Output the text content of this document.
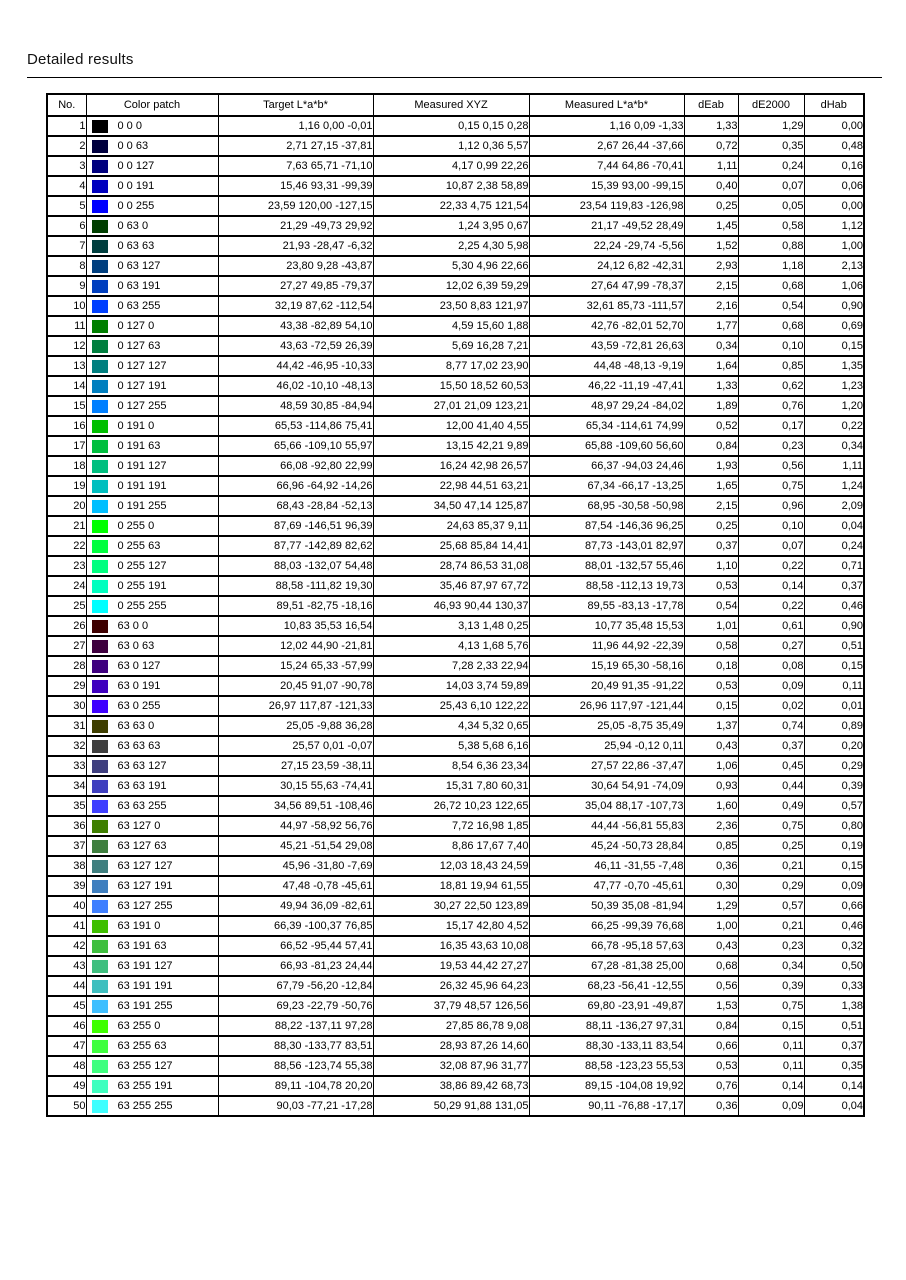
Detailed results
No.	Color patch	Target L*a*b*	Measured XYZ	Measured L*a*b*	dEab	dE2000	dHab
1	0 0 0	1,16 0,00 -0,01	0,15 0,15 0,28	1,16 0,09 -1,33	1,33	1,29	0,00
2	0 0 63	2,71 27,15 -37,81	1,12 0,36 5,57	2,67 26,44 -37,66	0,72	0,35	0,48
3	0 0 127	7,63 65,71 -71,10	4,17 0,99 22,26	7,44 64,86 -70,41	1,11	0,24	0,16
4	0 0 191	15,46 93,31 -99,39	10,87 2,38 58,89	15,39 93,00 -99,15	0,40	0,07	0,06
5	0 0 255	23,59 120,00 -127,15	22,33 4,75 121,54	23,54 119,83 -126,98	0,25	0,05	0,00
6	0 63 0	21,29 -49,73 29,92	1,24 3,95 0,67	21,17 -49,52 28,49	1,45	0,58	1,12
7	0 63 63	21,93 -28,47 -6,32	2,25 4,30 5,98	22,24 -29,74 -5,56	1,52	0,88	1,00
8	0 63 127	23,80 9,28 -43,87	5,30 4,96 22,66	24,12 6,82 -42,31	2,93	1,18	2,13
9	0 63 191	27,27 49,85 -79,37	12,02 6,39 59,29	27,64 47,99 -78,37	2,15	0,68	1,06
10	0 63 255	32,19 87,62 -112,54	23,50 8,83 121,97	32,61 85,73 -111,57	2,16	0,54	0,90
11	0 127 0	43,38 -82,89 54,10	4,59 15,60 1,88	42,76 -82,01 52,70	1,77	0,68	0,69
12	0 127 63	43,63 -72,59 26,39	5,69 16,28 7,21	43,59 -72,81 26,63	0,34	0,10	0,15
13	0 127 127	44,42 -46,95 -10,33	8,77 17,02 23,90	44,48 -48,13 -9,19	1,64	0,85	1,35
14	0 127 191	46,02 -10,10 -48,13	15,50 18,52 60,53	46,22 -11,19 -47,41	1,33	0,62	1,23
15	0 127 255	48,59 30,85 -84,94	27,01 21,09 123,21	48,97 29,24 -84,02	1,89	0,76	1,20
16	0 191 0	65,53 -114,86 75,41	12,00 41,40 4,55	65,34 -114,61 74,99	0,52	0,17	0,22
17	0 191 63	65,66 -109,10 55,97	13,15 42,21 9,89	65,88 -109,60 56,60	0,84	0,23	0,34
18	0 191 127	66,08 -92,80 22,99	16,24 42,98 26,57	66,37 -94,03 24,46	1,93	0,56	1,11
19	0 191 191	66,96 -64,92 -14,26	22,98 44,51 63,21	67,34 -66,17 -13,25	1,65	0,75	1,24
20	0 191 255	68,43 -28,84 -52,13	34,50 47,14 125,87	68,95 -30,58 -50,98	2,15	0,96	2,09
21	0 255 0	87,69 -146,51 96,39	24,63 85,37 9,11	87,54 -146,36 96,25	0,25	0,10	0,04
22	0 255 63	87,77 -142,89 82,62	25,68 85,84 14,41	87,73 -143,01 82,97	0,37	0,07	0,24
23	0 255 127	88,03 -132,07 54,48	28,74 86,53 31,08	88,01 -132,57 55,46	1,10	0,22	0,71
24	0 255 191	88,58 -111,82 19,30	35,46 87,97 67,72	88,58 -112,13 19,73	0,53	0,14	0,37
25	0 255 255	89,51 -82,75 -18,16	46,93 90,44 130,37	89,55 -83,13 -17,78	0,54	0,22	0,46
26	63 0 0	10,83 35,53 16,54	3,13 1,48 0,25	10,77 35,48 15,53	1,01	0,61	0,90
27	63 0 63	12,02 44,90 -21,81	4,13 1,68 5,76	11,96 44,92 -22,39	0,58	0,27	0,51
28	63 0 127	15,24 65,33 -57,99	7,28 2,33 22,94	15,19 65,30 -58,16	0,18	0,08	0,15
29	63 0 191	20,45 91,07 -90,78	14,03 3,74 59,89	20,49 91,35 -91,22	0,53	0,09	0,11
30	63 0 255	26,97 117,87 -121,33	25,43 6,10 122,22	26,96 117,97 -121,44	0,15	0,02	0,01
31	63 63 0	25,05 -9,88 36,28	4,34 5,32 0,65	25,05 -8,75 35,49	1,37	0,74	0,89
32	63 63 63	25,57 0,01 -0,07	5,38 5,68 6,16	25,94 -0,12 0,11	0,43	0,37	0,20
33	63 63 127	27,15 23,59 -38,11	8,54 6,36 23,34	27,57 22,86 -37,47	1,06	0,45	0,29
34	63 63 191	30,15 55,63 -74,41	15,31 7,80 60,31	30,64 54,91 -74,09	0,93	0,44	0,39
35	63 63 255	34,56 89,51 -108,46	26,72 10,23 122,65	35,04 88,17 -107,73	1,60	0,49	0,57
36	63 127 0	44,97 -58,92 56,76	7,72 16,98 1,85	44,44 -56,81 55,83	2,36	0,75	0,80
37	63 127 63	45,21 -51,54 29,08	8,86 17,67 7,40	45,24 -50,73 28,84	0,85	0,25	0,19
38	63 127 127	45,96 -31,80 -7,69	12,03 18,43 24,59	46,11 -31,55 -7,48	0,36	0,21	0,15
39	63 127 191	47,48 -0,78 -45,61	18,81 19,94 61,55	47,77 -0,70 -45,61	0,30	0,29	0,09
40	63 127 255	49,94 36,09 -82,61	30,27 22,50 123,89	50,39 35,08 -81,94	1,29	0,57	0,66
41	63 191 0	66,39 -100,37 76,85	15,17 42,80 4,52	66,25 -99,39 76,68	1,00	0,21	0,46
42	63 191 63	66,52 -95,44 57,41	16,35 43,63 10,08	66,78 -95,18 57,63	0,43	0,23	0,32
43	63 191 127	66,93 -81,23 24,44	19,53 44,42 27,27	67,28 -81,38 25,00	0,68	0,34	0,50
44	63 191 191	67,79 -56,20 -12,84	26,32 45,96 64,23	68,23 -56,41 -12,55	0,56	0,39	0,33
45	63 191 255	69,23 -22,79 -50,76	37,79 48,57 126,56	69,80 -23,91 -49,87	1,53	0,75	1,38
46	63 255 0	88,22 -137,11 97,28	27,85 86,78 9,08	88,11 -136,27 97,31	0,84	0,15	0,51
47	63 255 63	88,30 -133,77 83,51	28,93 87,26 14,60	88,30 -133,11 83,54	0,66	0,11	0,37
48	63 255 127	88,56 -123,74 55,38	32,08 87,96 31,77	88,58 -123,23 55,53	0,53	0,11	0,35
49	63 255 191	89,11 -104,78 20,20	38,86 89,42 68,73	89,15 -104,08 19,92	0,76	0,14	0,14
50	63 255 255	90,03 -77,21 -17,28	50,29 91,88 131,05	90,11 -76,88 -17,17	0,36	0,09	0,04
